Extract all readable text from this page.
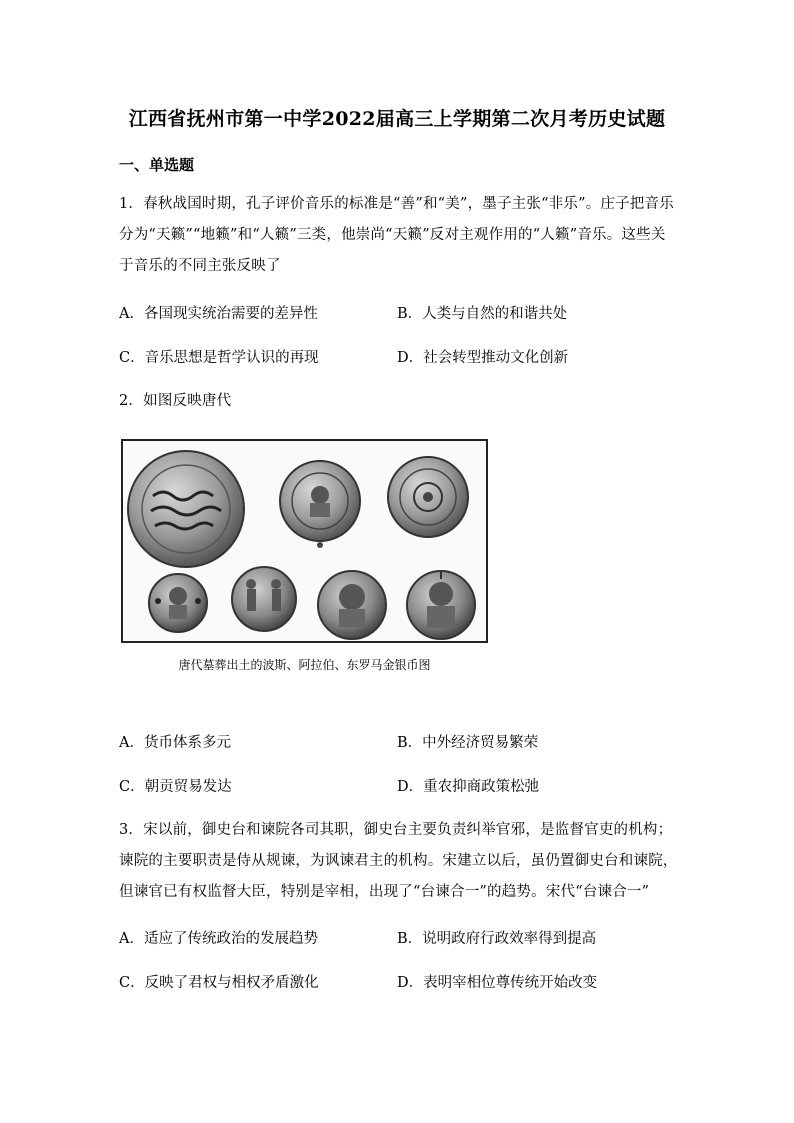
江西省抚州市第一中学2022届高三上学期第二次月考历史试题
一、单选题
1．春秋战国时期，孔子评价音乐的标准是“善”和“美”，墨子主张“非乐”。庄子把音乐分为“天籁”“地籁”和“人籁”三类，他崇尚“天籁”反对主观作用的“人籁”音乐。这些关于音乐的不同主张反映了
A．各国现实统治需要的差异性	B．人类与自然的和谐共处
C．音乐思想是哲学认识的再现	D．社会转型推动文化创新
2．如图反映唐代
唐代墓葬出土的波斯、阿拉伯、东罗马金银币图
A．货币体系多元	B．中外经济贸易繁荣
C．朝贡贸易发达	D．重农抑商政策松弛
3．宋以前，御史台和谏院各司其职，御史台主要负责纠举官邪，是监督官吏的机构；谏院的主要职责是侍从规谏，为讽谏君主的机构。宋建立以后，虽仍置御史台和谏院，但谏官已有权监督大臣，特别是宰相，出现了“台谏合一”的趋势。宋代“台谏合一”
A．适应了传统政治的发展趋势	B．说明政府行政效率得到提高
C．反映了君权与相权矛盾激化	D．表明宰相位尊传统开始改变
